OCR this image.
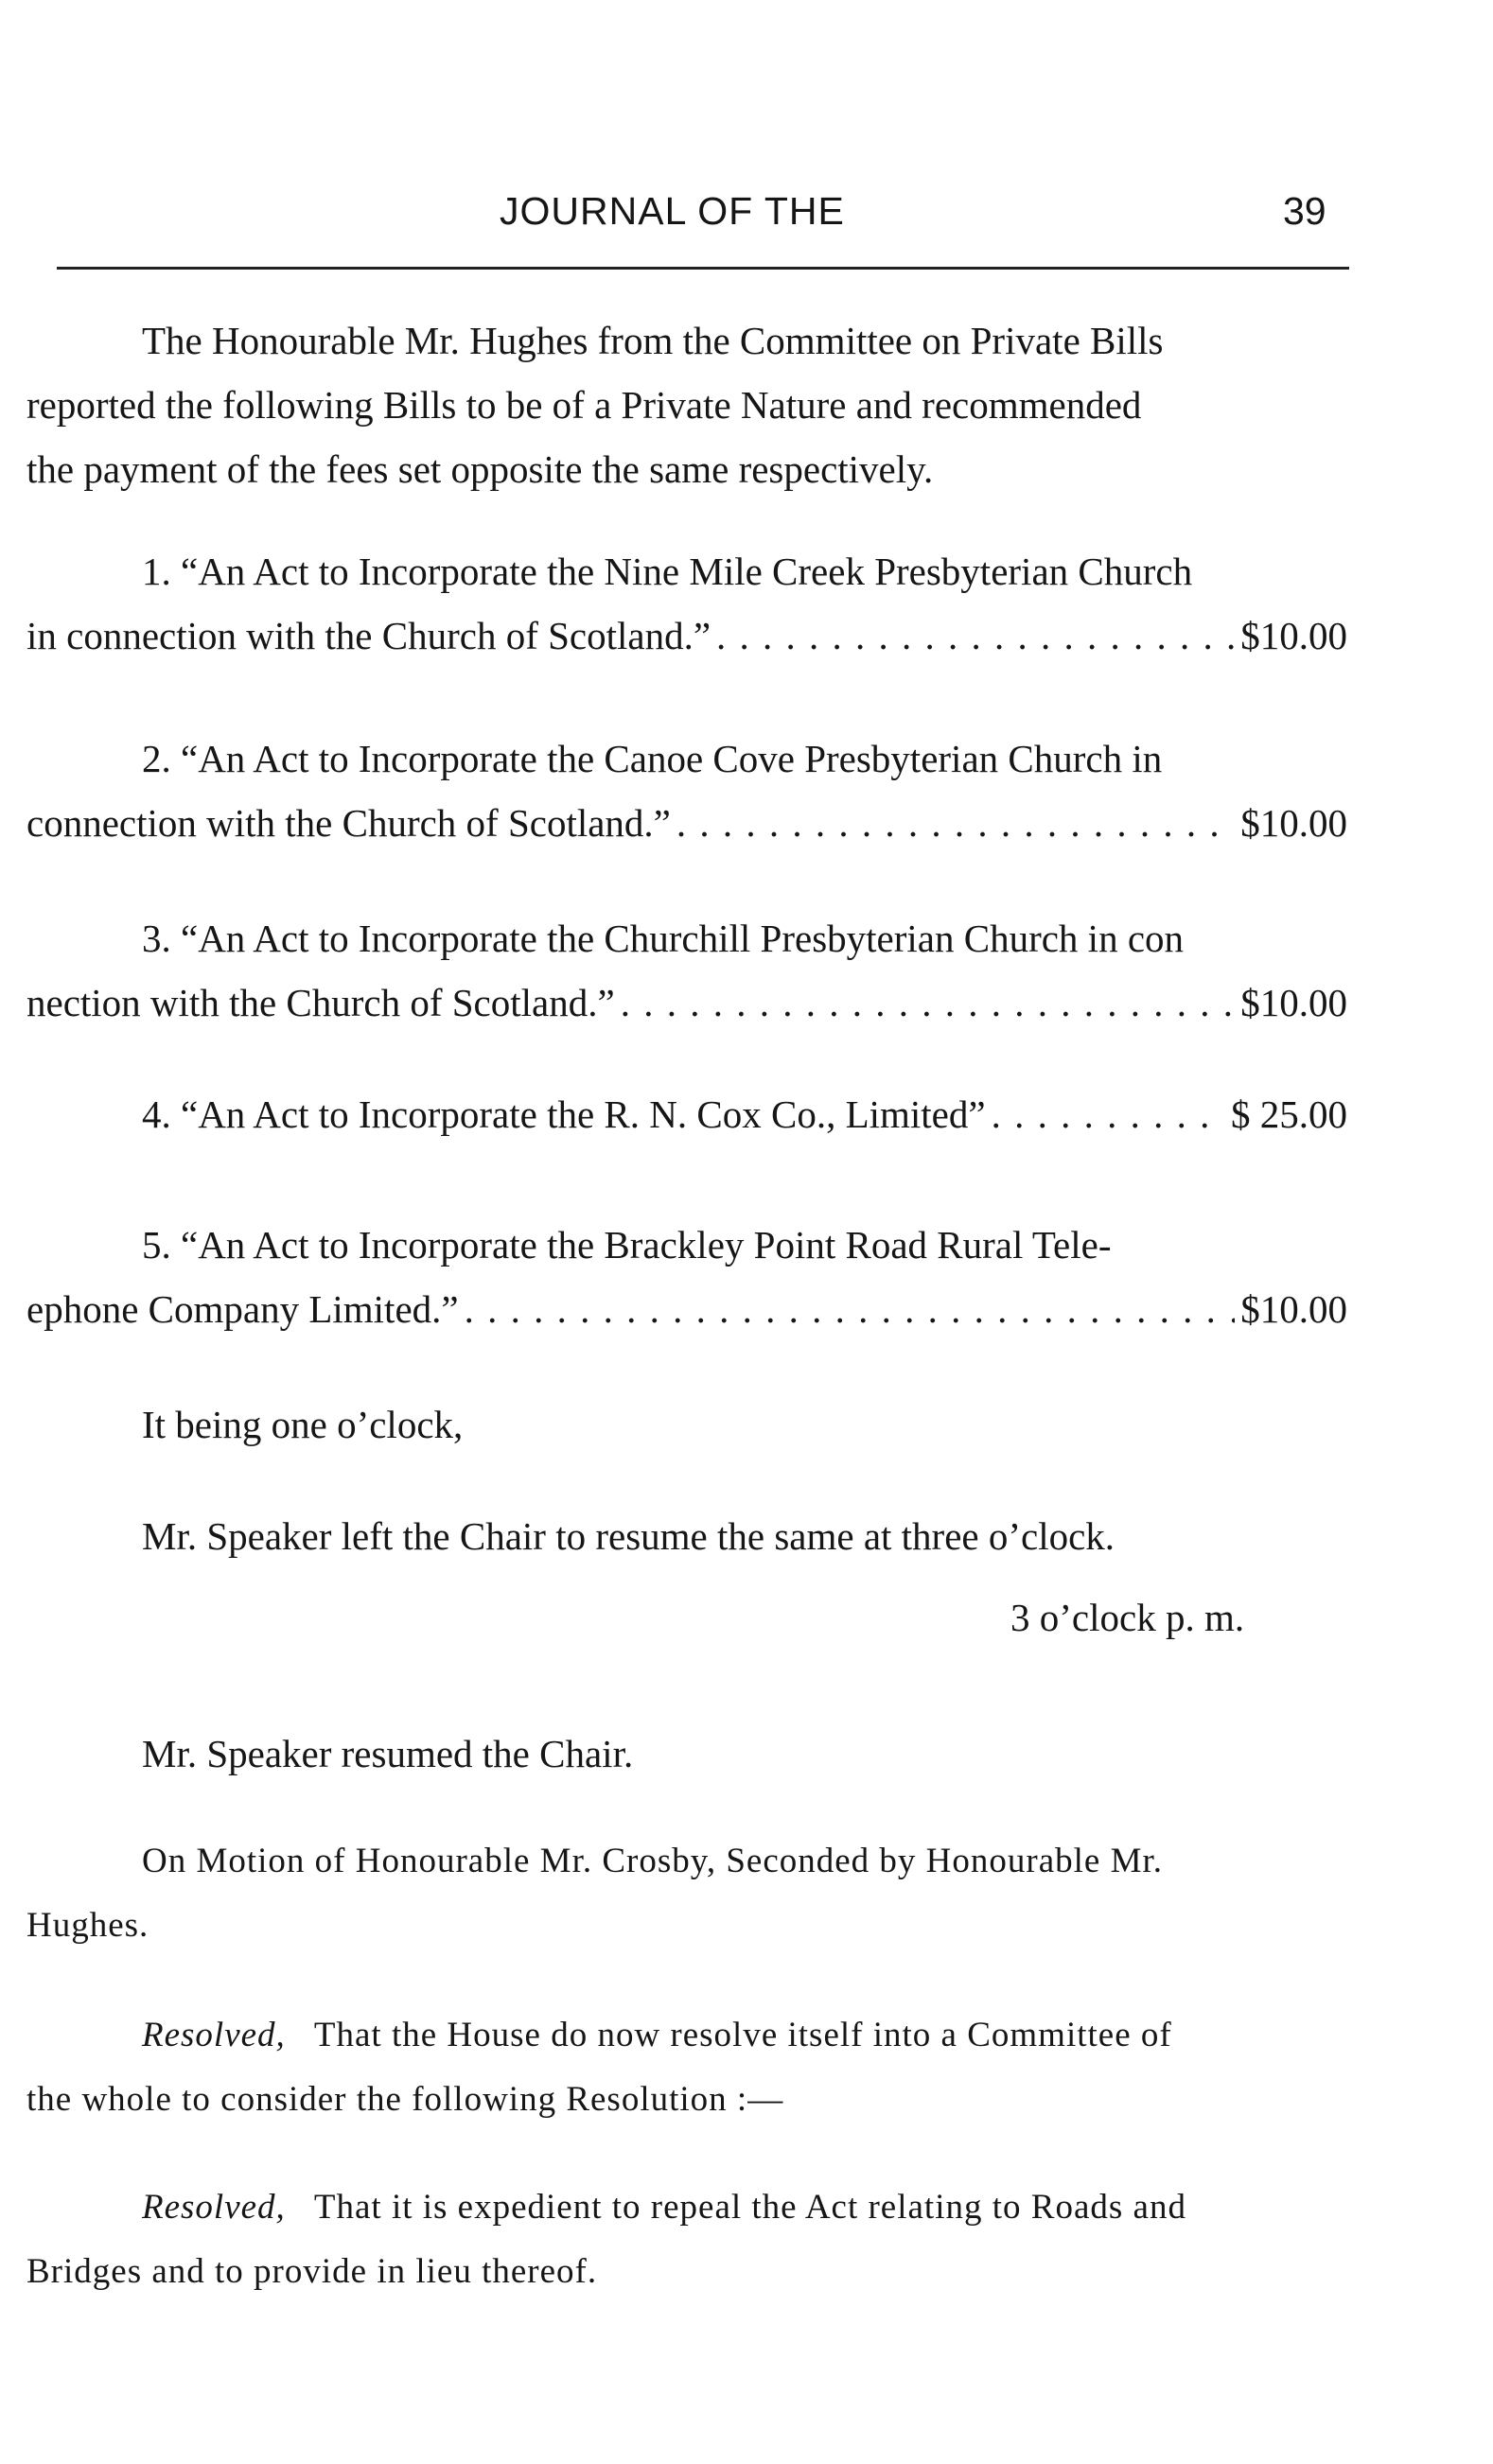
JOURNAL OF THE	39
The Honourable Mr. Hughes from the Committee on Private Bills
reported the following Bills to be of a Private Nature and recommended
the payment of the fees set opposite the same respectively.
1. “An Act to Incorporate the Nine Mile Creek Presbyterian Church
in connection with the Church of Scotland.” . . .	$10.00
2. “An Act to Incorporate the Canoe Cove Presbyterian Church in
connection with the Church of Scotland.” . . .	$10.00
3. “An Act to Incorporate the Churchill Presbyterian Church in con
nection with the Church of Scotland.” . . .	$10.00
4. “An Act to Incorporate the R. N. Cox Co., Limited” . . .	$ 25.00
5. “An Act to Incorporate the Brackley Point Road Rural Tele-
ephone Company Limited.” . . .	$10.00
It being one o’clock,
Mr. Speaker left the Chair to resume the same at three o’clock.
3 o’clock p. m.
Mr. Speaker resumed the Chair.
On Motion of Honourable Mr. Crosby, Seconded by Honourable Mr.
Hughes.
Resolved, That the House do now resolve itself into a Committee of
the whole to consider the following Resolution :—
Resolved, That it is expedient to repeal the Act relating to Roads and
Bridges and to provide in lieu thereof.
